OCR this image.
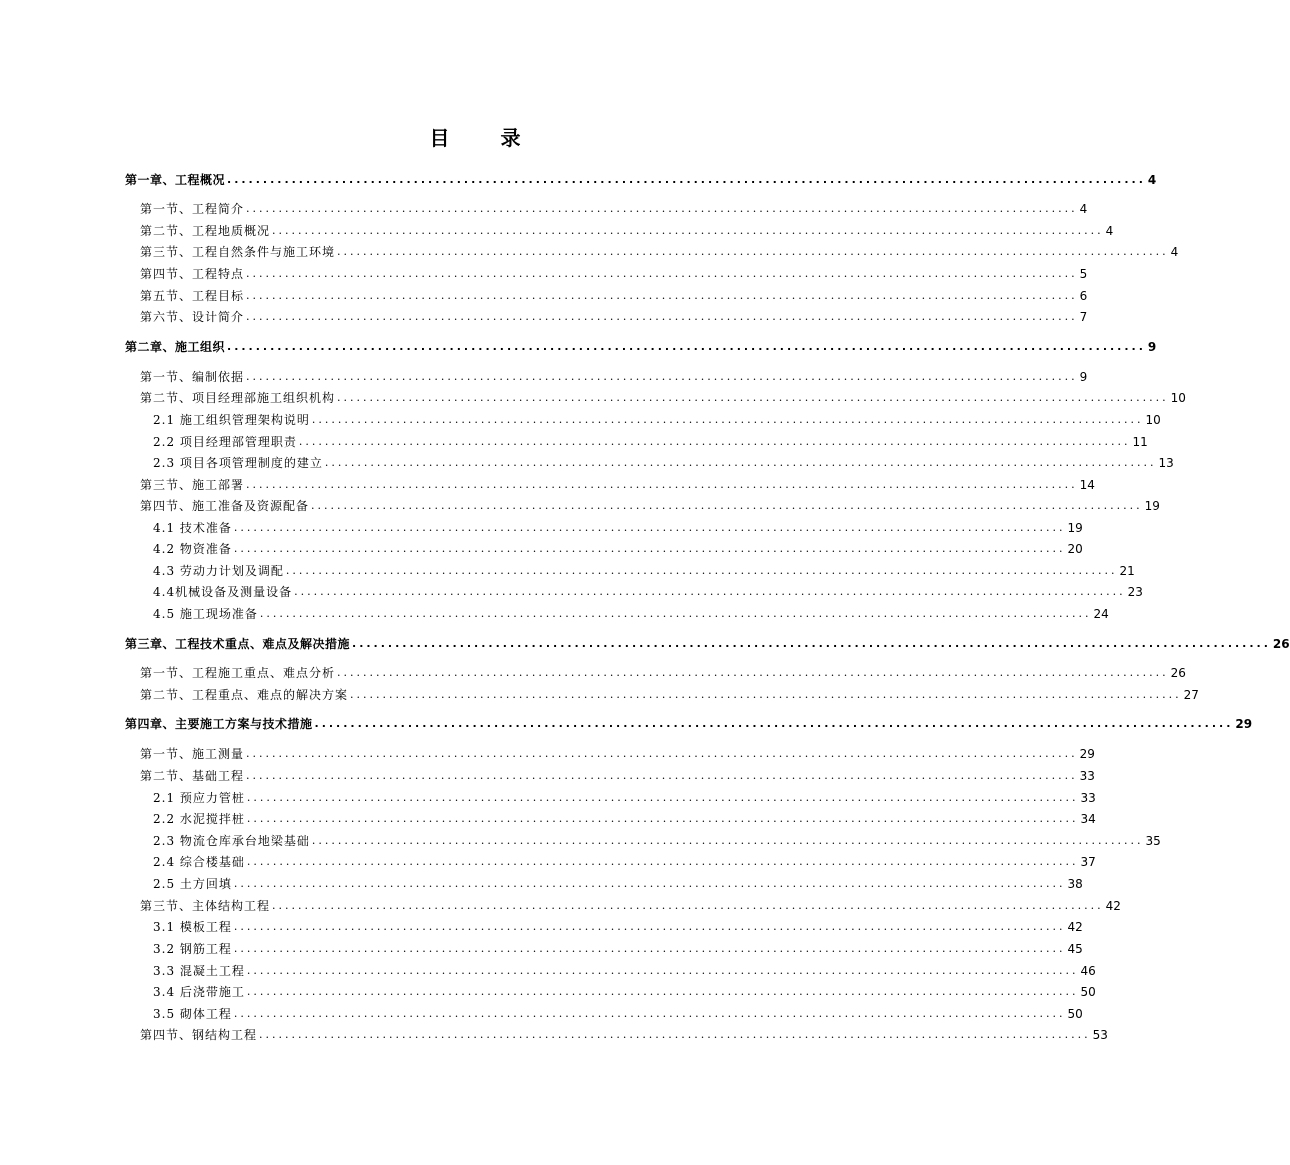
目 录
第一章、工程概况 ................................................................................................................................ 4
第一节、工程简介 ................................................................................................................................ 4
第二节、工程地质概况 ................................................................................................................................ 4
第三节、工程自然条件与施工环境 ................................................................................................................................ 4
第四节、工程特点 ................................................................................................................................ 5
第五节、工程目标 ................................................................................................................................ 6
第六节、设计简介 ................................................................................................................................ 7
第二章、施工组织 ................................................................................................................................ 9
第一节、编制依据 ................................................................................................................................ 9
第二节、项目经理部施工组织机构 ................................................................................................................................ 10
2.1 施工组织管理架构说明 ................................................................................................................................ 10
2.2 项目经理部管理职责 ................................................................................................................................ 11
2.3 项目各项管理制度的建立 ................................................................................................................................ 13
第三节、施工部署 ................................................................................................................................ 14
第四节、施工准备及资源配备 ................................................................................................................................ 19
4.1 技术准备 ................................................................................................................................ 19
4.2 物资准备 ................................................................................................................................ 20
4.3 劳动力计划及调配 ................................................................................................................................ 21
4.4机械设备及测量设备 ................................................................................................................................ 23
4.5 施工现场准备 ................................................................................................................................ 24
第三章、工程技术重点、难点及解决措施 ................................................................................................................................ 26
第一节、工程施工重点、难点分析 ................................................................................................................................ 26
第二节、工程重点、难点的解决方案 ................................................................................................................................ 27
第四章、主要施工方案与技术措施 ................................................................................................................................ 29
第一节、施工测量 ................................................................................................................................ 29
第二节、基础工程 ................................................................................................................................ 33
2.1 预应力管桩 ................................................................................................................................ 33
2.2 水泥搅拌桩 ................................................................................................................................ 34
2.3 物流仓库承台地梁基础 ................................................................................................................................ 35
2.4 综合楼基础 ................................................................................................................................ 37
2.5 土方回填 ................................................................................................................................ 38
第三节、主体结构工程 ................................................................................................................................ 42
3.1 模板工程 ................................................................................................................................ 42
3.2 钢筋工程 ................................................................................................................................ 45
3.3 混凝土工程 ................................................................................................................................ 46
3.4 后浇带施工 ................................................................................................................................ 50
3.5 砌体工程 ................................................................................................................................ 50
第四节、钢结构工程 ................................................................................................................................ 53
